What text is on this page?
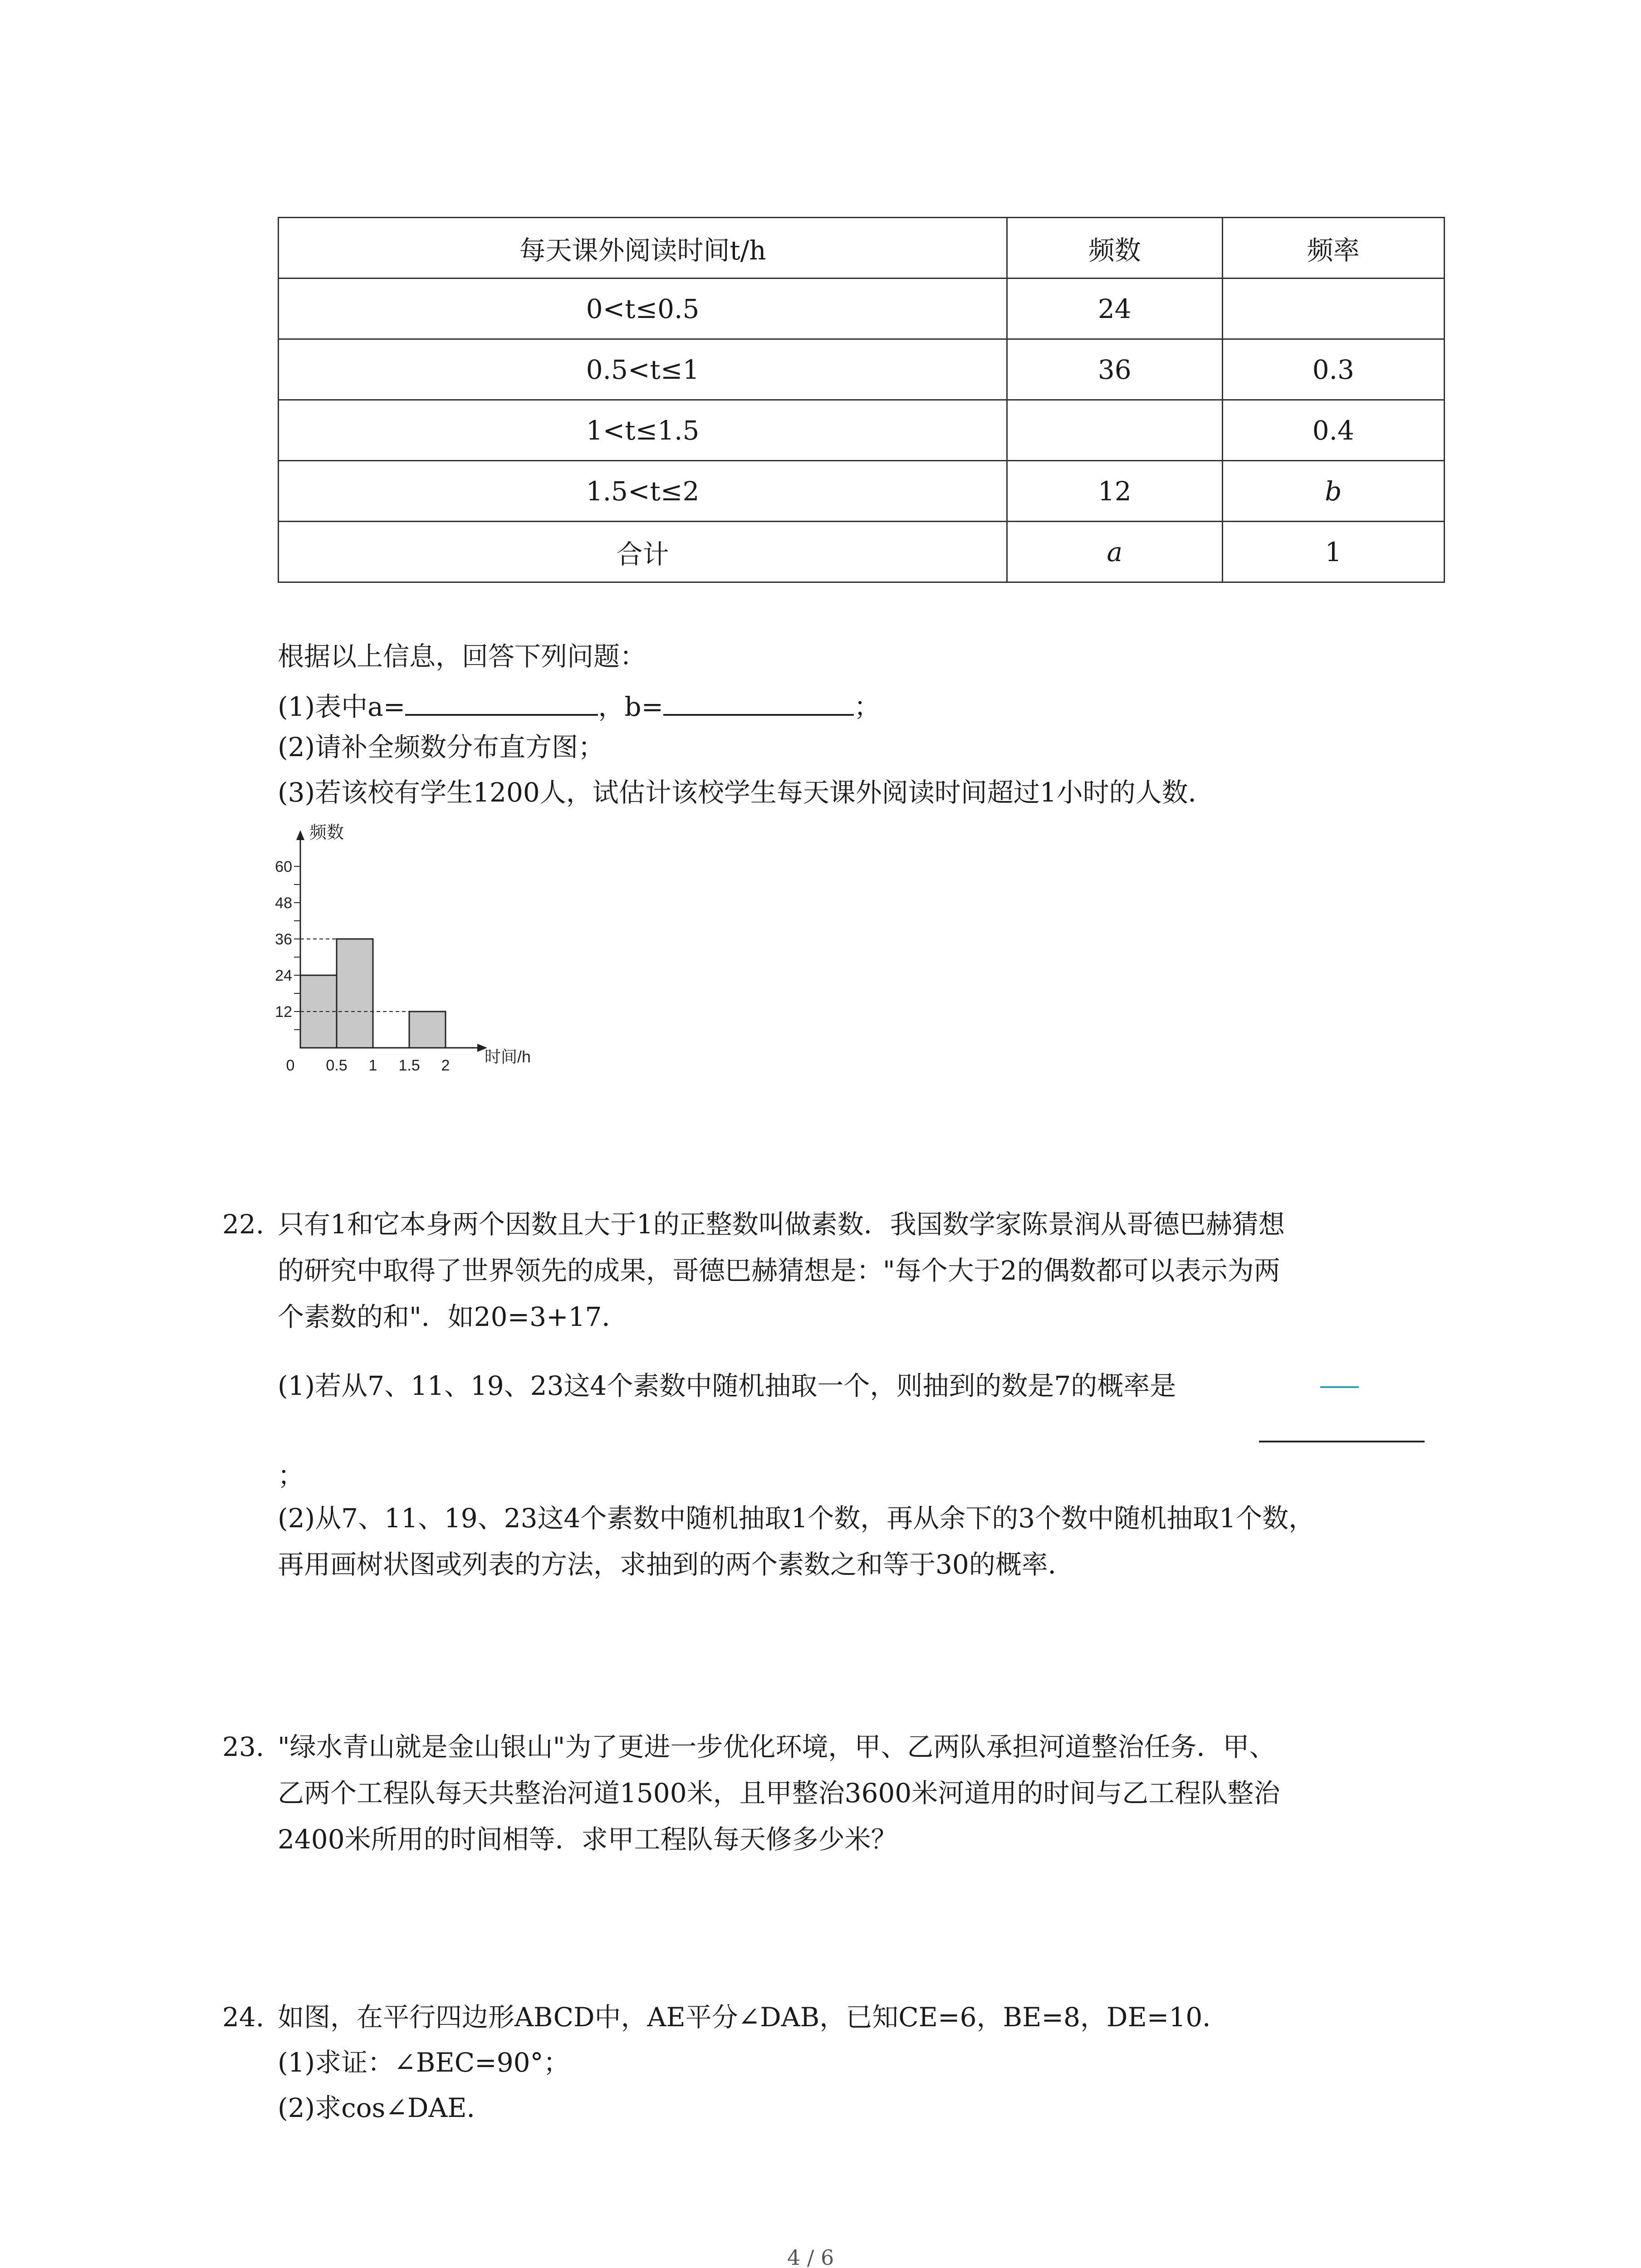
每天课外阅读时间t/h	频数	频率
0<t≤0.5	24	
0.5<t≤1	36	0.3
1<t≤1.5		0.4
1.5<t≤2	12	b
合计	a	1
根据以上信息，回答下列问题：
(1)表中a=	，b=	；
(2)请补全频数分布直方图；
(3)若该校有学生1200人，试估计该校学生每天课外阅读时间超过1小时的人数．
12
24
36
48
60
0 0.5 1 1.5 2
频数
时间/h
22. 只有1和它本身两个因数且大于1的正整数叫做素数．我国数学家陈景润从哥德巴赫猜想
的研究中取得了世界领先的成果，哥德巴赫猜想是："每个大于2的偶数都可以表示为两
个素数的和"．如20=3+17．
(1)若从7、11、19、23这4个素数中随机抽取一个，则抽到的数是7的概率是
；
(2)从7、11、19、23这4个素数中随机抽取1个数，再从余下的3个数中随机抽取1个数，
再用画树状图或列表的方法，求抽到的两个素数之和等于30的概率．
23. "绿水青山就是金山银山"为了更进一步优化环境，甲、乙两队承担河道整治任务．甲、
乙两个工程队每天共整治河道1500米，且甲整治3600米河道用的时间与乙工程队整治
2400米所用的时间相等．求甲工程队每天修多少米？
24. 如图，在平行四边形ABCD中，AE平分∠DAB，已知CE=6，BE=8，DE=10．
(1)求证：∠BEC=90°；
(2)求cos∠DAE．
4 / 6
